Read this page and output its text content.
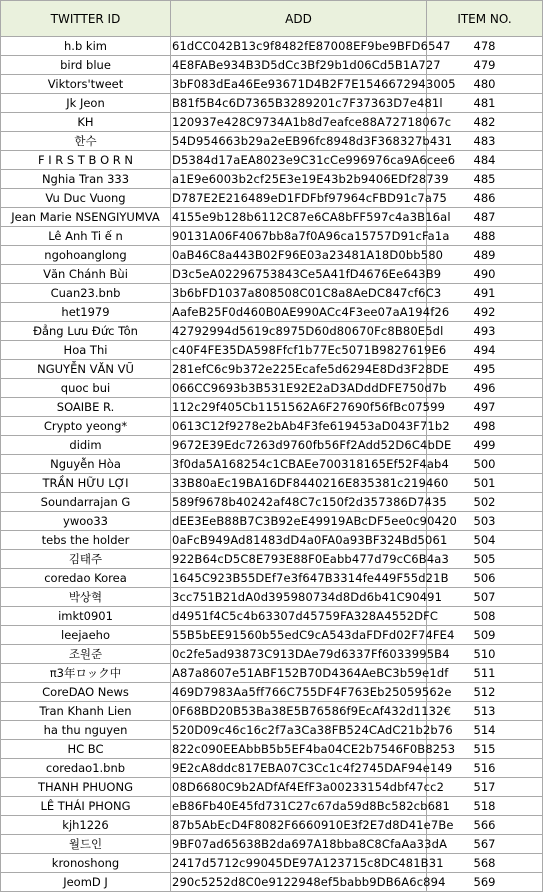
TWITTER ID	ADD	ITEM NO.
h.b kim	61dCC042B13c9f8482fE87008EF9be9BFD6547	478
bird blue	4E8FABe934B3D5dCc3Bf29b1d06Cd5B1A727	479
Viktors'tweet	3bF083dEa46Ee93671D4B2F7E1546672943005	480
Jk Jeon	B81f5B4c6D7365B3289201c7F37363D7e481l	481
KH	120937e428C9734A1b8d7eafce88A72718067c	482
한수	54D954663b29a2eEB96fc8948d3F368327b431	483
F I R S T B O R N	D5384d17aEA8023e9C31cCe996976ca9A6cee6	484
Nghia Tran 333	a1E9e6003b2cf25E3e19E43b2b9406EDf28739	485
Vu Duc Vuong	D787E2E216489eD1FDFbf97964cFBD91c7a75	486
Jean Marie NSENGIYUMVA	4155e9b128b6112C87e6CA8bFF597c4a3B16al	487
Lê Anh Ti ế n	90131A06F4067bb8a7f0A96ca15757D91cFa1a	488
ngohoanglong	0aB46C8a443B02F96E03a23481A18D0bb580	489
Văn Chánh Bùi	D3c5eA02296753843Ce5A41fD4676Ee643B9	490
Cuan23.bnb	3b6bFD1037a808508C01C8a8AeDC847cf6C3	491
het1979	AafeB25F0d460B0AE990ACc4F3ee07aA194f26	492
Đẳng Lưu Đức Tôn	42792994d5619c8975D60d80670Fc8B80E5dl	493
Hoa Thi	c40F4FE35DA598Ffcf1b77Ec5071B9827619E6	494
NGUYỄN VĂN VŨ	281efC6c9b372e225Ecafe5d6294E8Dd3F28DE	495
quoc bui	066CC9693b3B531E92E2aD3ADddDFE750d7b	496
SOAIBE R.	112c29f405Cb1151562A6F27690f56fBc07599	497
Crypto yeong*	0613C12f9278e2bAb4F3fe619453aD043F71b2	498
didim	9672E39Edc7263d9760fb56Ff2Add52D6C4bDE	499
Nguyễn Hòa	3f0da5A168254c1CBAEe700318165Ef52F4ab4	500
TRẦN HỮU LỢI	33B80aEc19BA16DF8440216E835381c219460	501
Soundarrajan G	589f9678b40242af48C7c150f2d357386D7435	502
ywoo33	dEE3EeB88B7C3B92eE49919ABcDF5ee0c90420	503
tebs the holder	0aFcB949Ad81483dD4a0FA0a93BF324Bd5061	504
김태주	922B64cD5C8E793E88F0Eabb477d79cC6B4a3	505
coredao Korea	1645C923B55DEf7e3f647B3314fe449F55d21B	506
박상혁	3cc751B21dA0d395980734d8Dd6b41C90491	507
imkt0901	d4951f4C5c4b63307d45759FA328A4552DFC	508
leejaeho	55B5bEE91560b55edC9cA543daFDFd02F74FE4	509
조원준	0c2fe5ad93873C913DAe79d6337Ff6033995B4	510
π3年ロック中	A87a8607e51ABF152B70D4364AeBC3b59e1df	511
CoreDAO News	469D7983Aa5ff766C755DF4F763Eb25059562e	512
Tran Khanh Lien	0F68BD20B53Ba38E5B76586f9EcAf432d1132€	513
ha thu nguyen	520D09c46c16c2f7a3Ca38FB524CAdC21b2b76	514
HC BC	822c090EEAbbB5b5EF4ba04CE2b7546F0B8253	515
coredao1.bnb	9E2cA8ddc817EBA07C3Cc1c4f2745DAF94e149	516
THANH PHUONG	08D6680C9b2ADfAf4EfF3a00233154dbf47cc2	517
LÊ THÁI PHONG	eB86Fb40E45fd731C27c67da59d8Bc582cb681	518
kjh1226	87b5AbEcD4F8082F6660910E3f2E7d8D41e7Be	566
월드인	9BF07ad65638B2da697A18bba8C8CfaAa33dA	567
kronoshong	2417d5712c99045DE97A123715c8DC481B31	568
JeomD J	290c5252d8C0e9122948ef5babb9DB6A6c894	569
